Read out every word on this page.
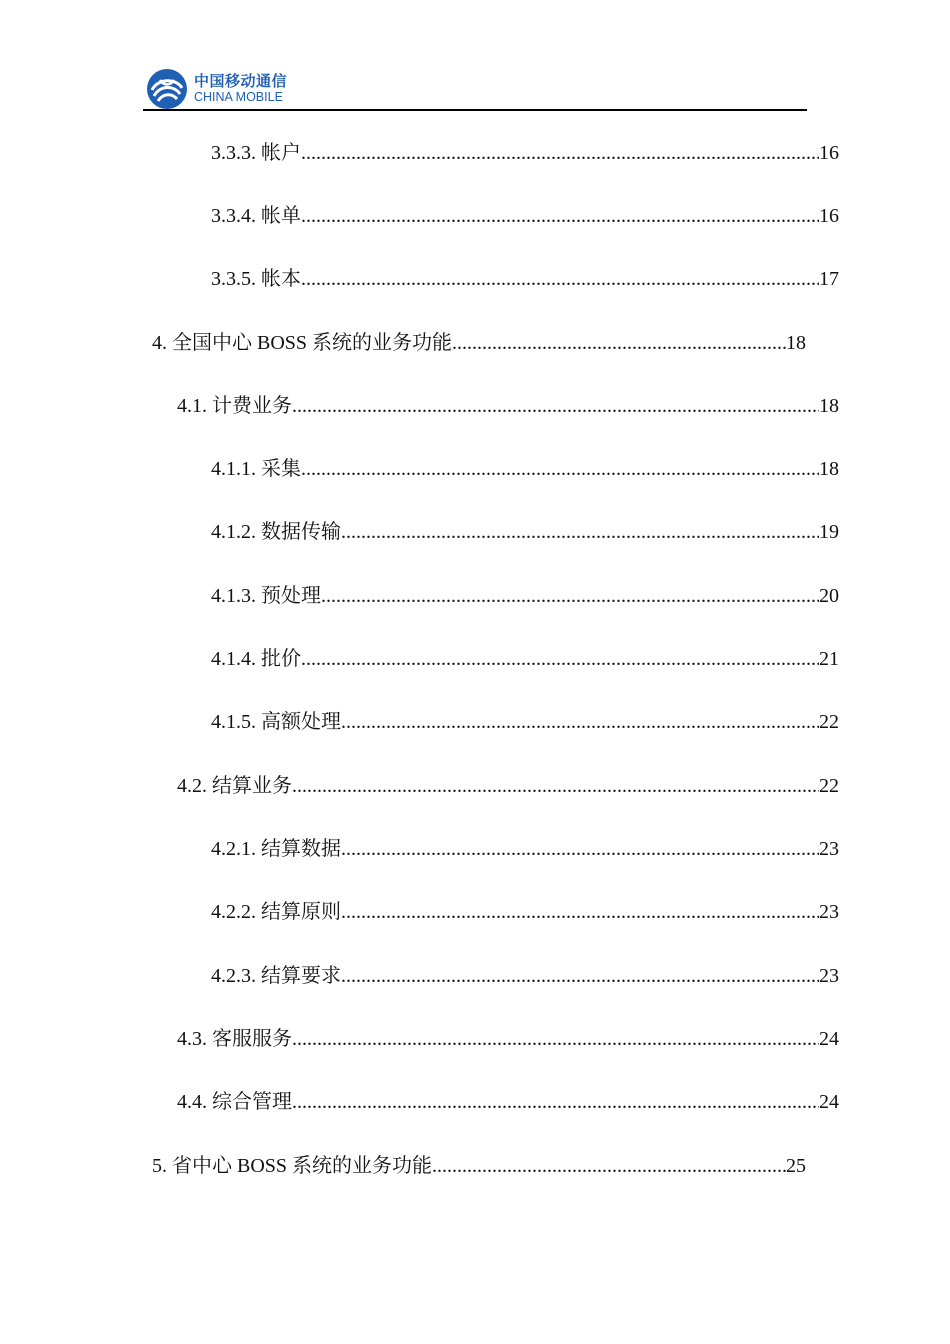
中国移动通信
CHINA MOBILE
3.3.3. 帐户 .....	16
3.3.4. 帐单 .....	16
3.3.5. 帐本 .....	17
4. 全国中心 BOSS 系统的业务功能 .....	18
4.1. 计费业务 .....	18
4.1.1. 采集 .....	18
4.1.2. 数据传输 .....	19
4.1.3. 预处理 .....	20
4.1.4. 批价 .....	21
4.1.5. 高额处理 .....	22
4.2. 结算业务 .....	22
4.2.1. 结算数据 .....	23
4.2.2. 结算原则 .....	23
4.2.3. 结算要求 .....	23
4.3. 客服服务 .....	24
4.4. 综合管理 .....	24
5. 省中心 BOSS 系统的业务功能 .....	25
